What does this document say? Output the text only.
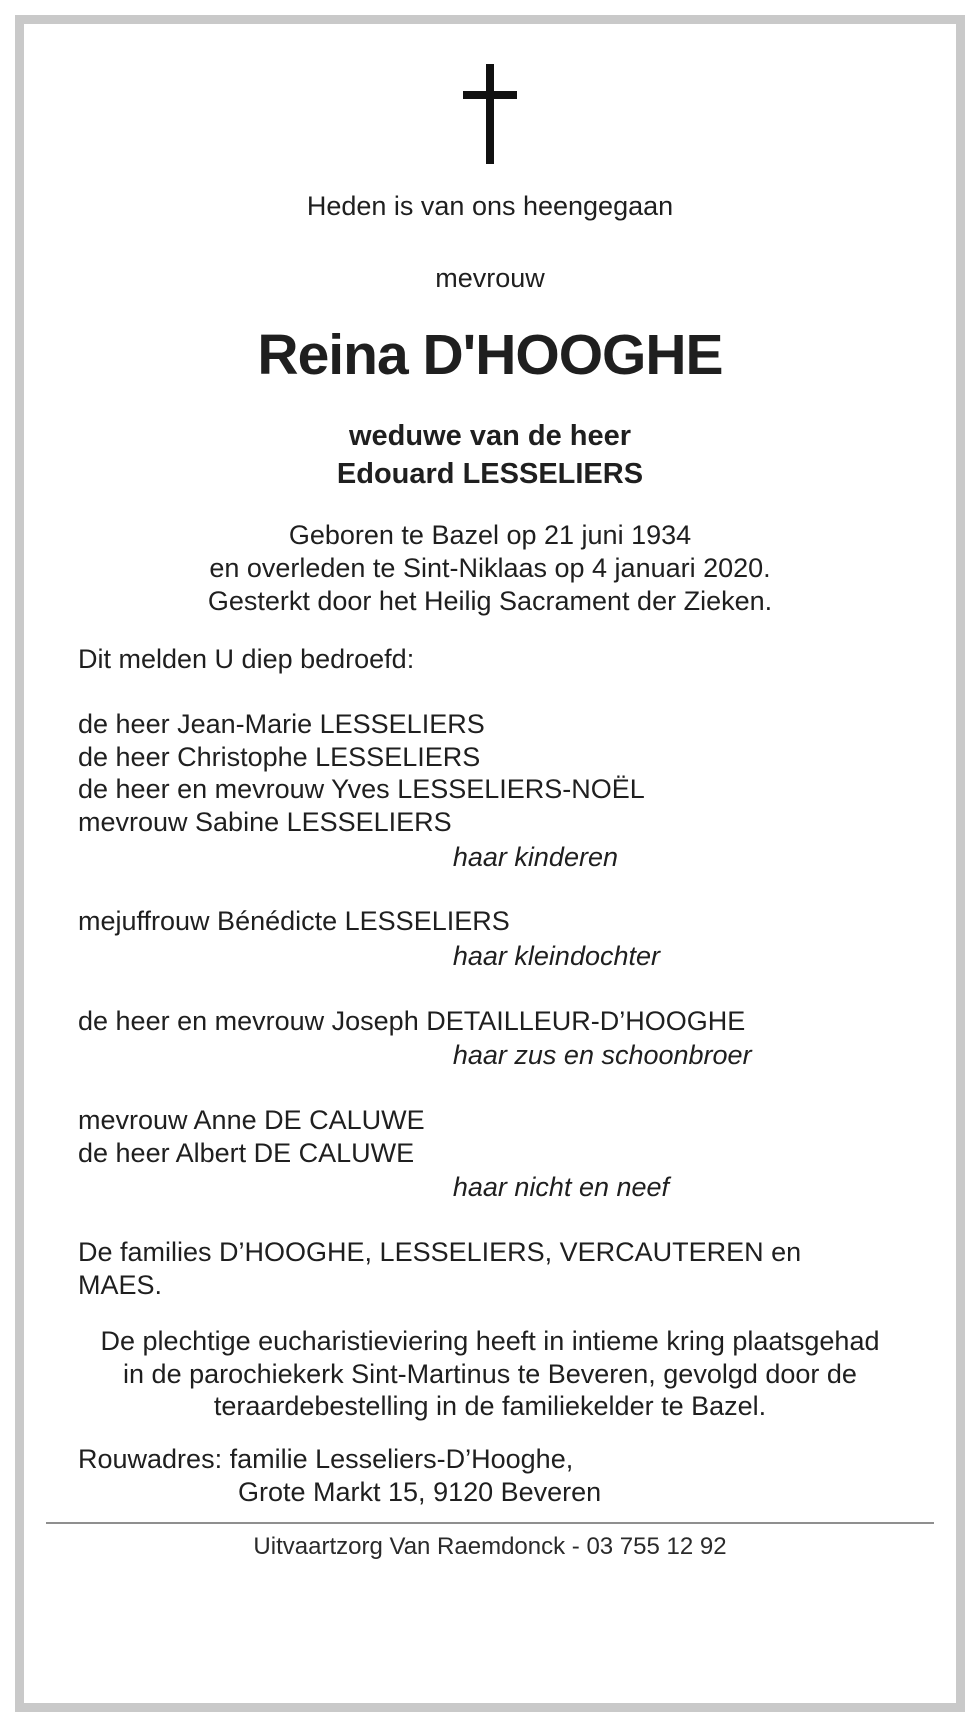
Heden is van ons heengegaan

mevrouw

Reina D'HOOGHE

weduwe van de heer

Edouard LESSELIERS

Geboren te Bazel op 21 juni 1934

en overleden te Sint-Niklaas op 4 januari 2020.

Gesterkt door het Heilig Sacrament der Zieken.

Dit melden U diep bedroefd:

de heer Jean-Marie LESSELIERS

de heer Christophe LESSELIERS

de heer en mevrouw Yves LESSELIERS-NOËL

mevrouw Sabine LESSELIERS

haar kinderen

mejuffrouw Bénédicte LESSELIERS

haar kleindochter

de heer en mevrouw Joseph DETAILLEUR-D’HOOGHE

haar zus en schoonbroer

mevrouw Anne DE CALUWE

de heer Albert DE CALUWE

haar nicht en neef

De families D’HOOGHE, LESSELIERS, VERCAUTEREN en MAES.

De plechtige eucharistieviering heeft in intieme kring plaatsgehad in de parochiekerk Sint-Martinus te Beveren, gevolgd door de teraardebestelling in de familiekelder te Bazel.

Rouwadres: familie Lesseliers-D’Hooghe,

Grote Markt 15, 9120 Beveren

Uitvaartzorg Van Raemdonck - 03 755 12 92
